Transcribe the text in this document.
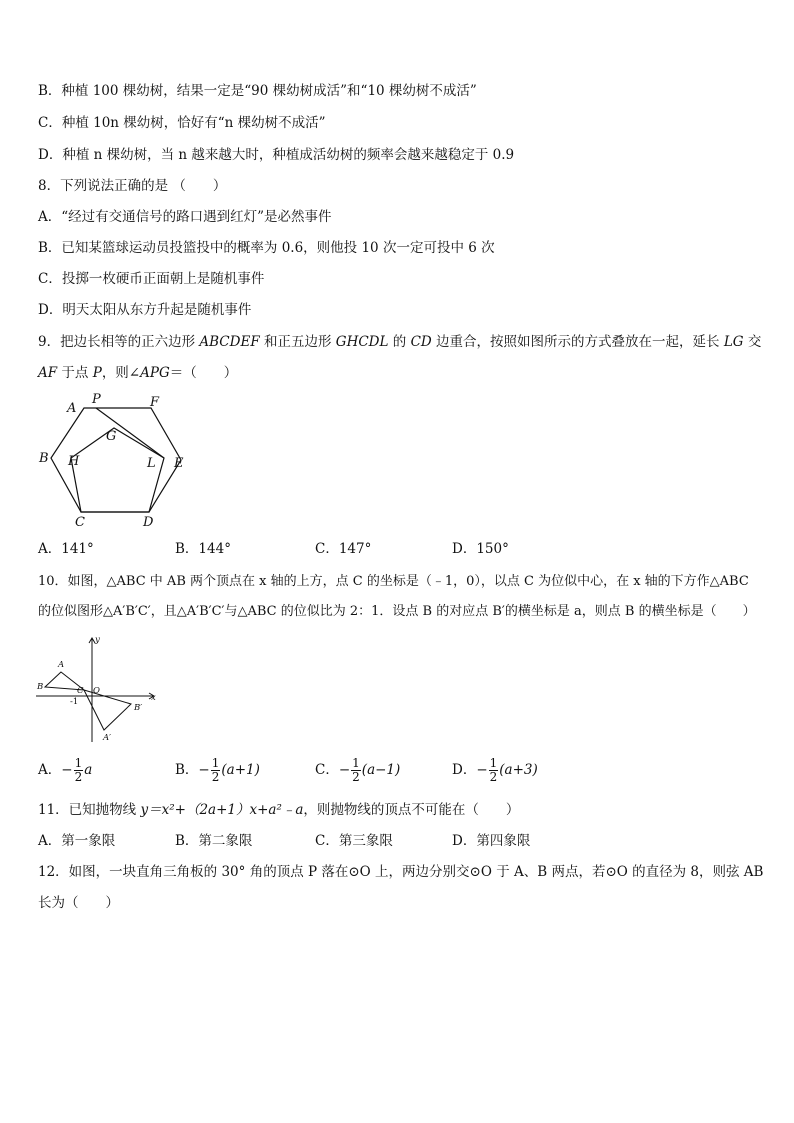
B．种植 100 棵幼树，结果一定是“90 棵幼树成活”和“10 棵幼树不成活”
C．种植 10n 棵幼树，恰好有“n 棵幼树不成活”
D．种植 n 棵幼树，当 n 越来越大时，种植成活幼树的频率会越来越稳定于 0.9
8．下列说法正确的是 （　　）
A．“经过有交通信号的路口遇到红灯”是必然事件
B．已知某篮球运动员投篮投中的概率为 0.6，则他投 10 次一定可投中 6 次
C．投掷一枚硬币正面朝上是随机事件
D．明天太阳从东方升起是随机事件
9．把边长相等的正六边形 ABCDEF 和正五边形 GHCDL 的 CD 边重合，按照如图所示的方式叠放在一起，延长 LG 交
AF 于点 P，则∠APG＝（　　）
A
P	F
G
B H	L E
C	D
A．141°	B．144°	C．147°	D．150°
10．如图，△ABC 中 AB 两个顶点在 x 轴的上方，点 C 的坐标是（﹣1，0），以点 C 为位似中心，在 x 轴的下方作△ABC
的位似图形△A′B′C′，且△A′B′C′与△ABC 的位似比为 2：1．设点 B 的对应点 B′的横坐标是 a，则点 B 的横坐标是（　　）
y
A
B	C O
x
B′
A′
-1
A．− $\frac{1}{2}$ a	B．− $\frac{1}{2} (a+1)$	C．− $\frac{1}{2} (a-1)$	D．− $\frac{1}{2} (a+3)$
11．已知抛物线 y＝x²+（2a+1）x+a²﹣a，则抛物线的顶点不可能在（　　）
A．第一象限	B．第二象限	C．第三象限	D．第四象限
12．如图，一块直角三角板的 30° 角的顶点 P 落在⊙O 上，两边分别交⊙O 于 A、B 两点，若⊙O 的直径为 8，则弦 AB
长为（　　）
